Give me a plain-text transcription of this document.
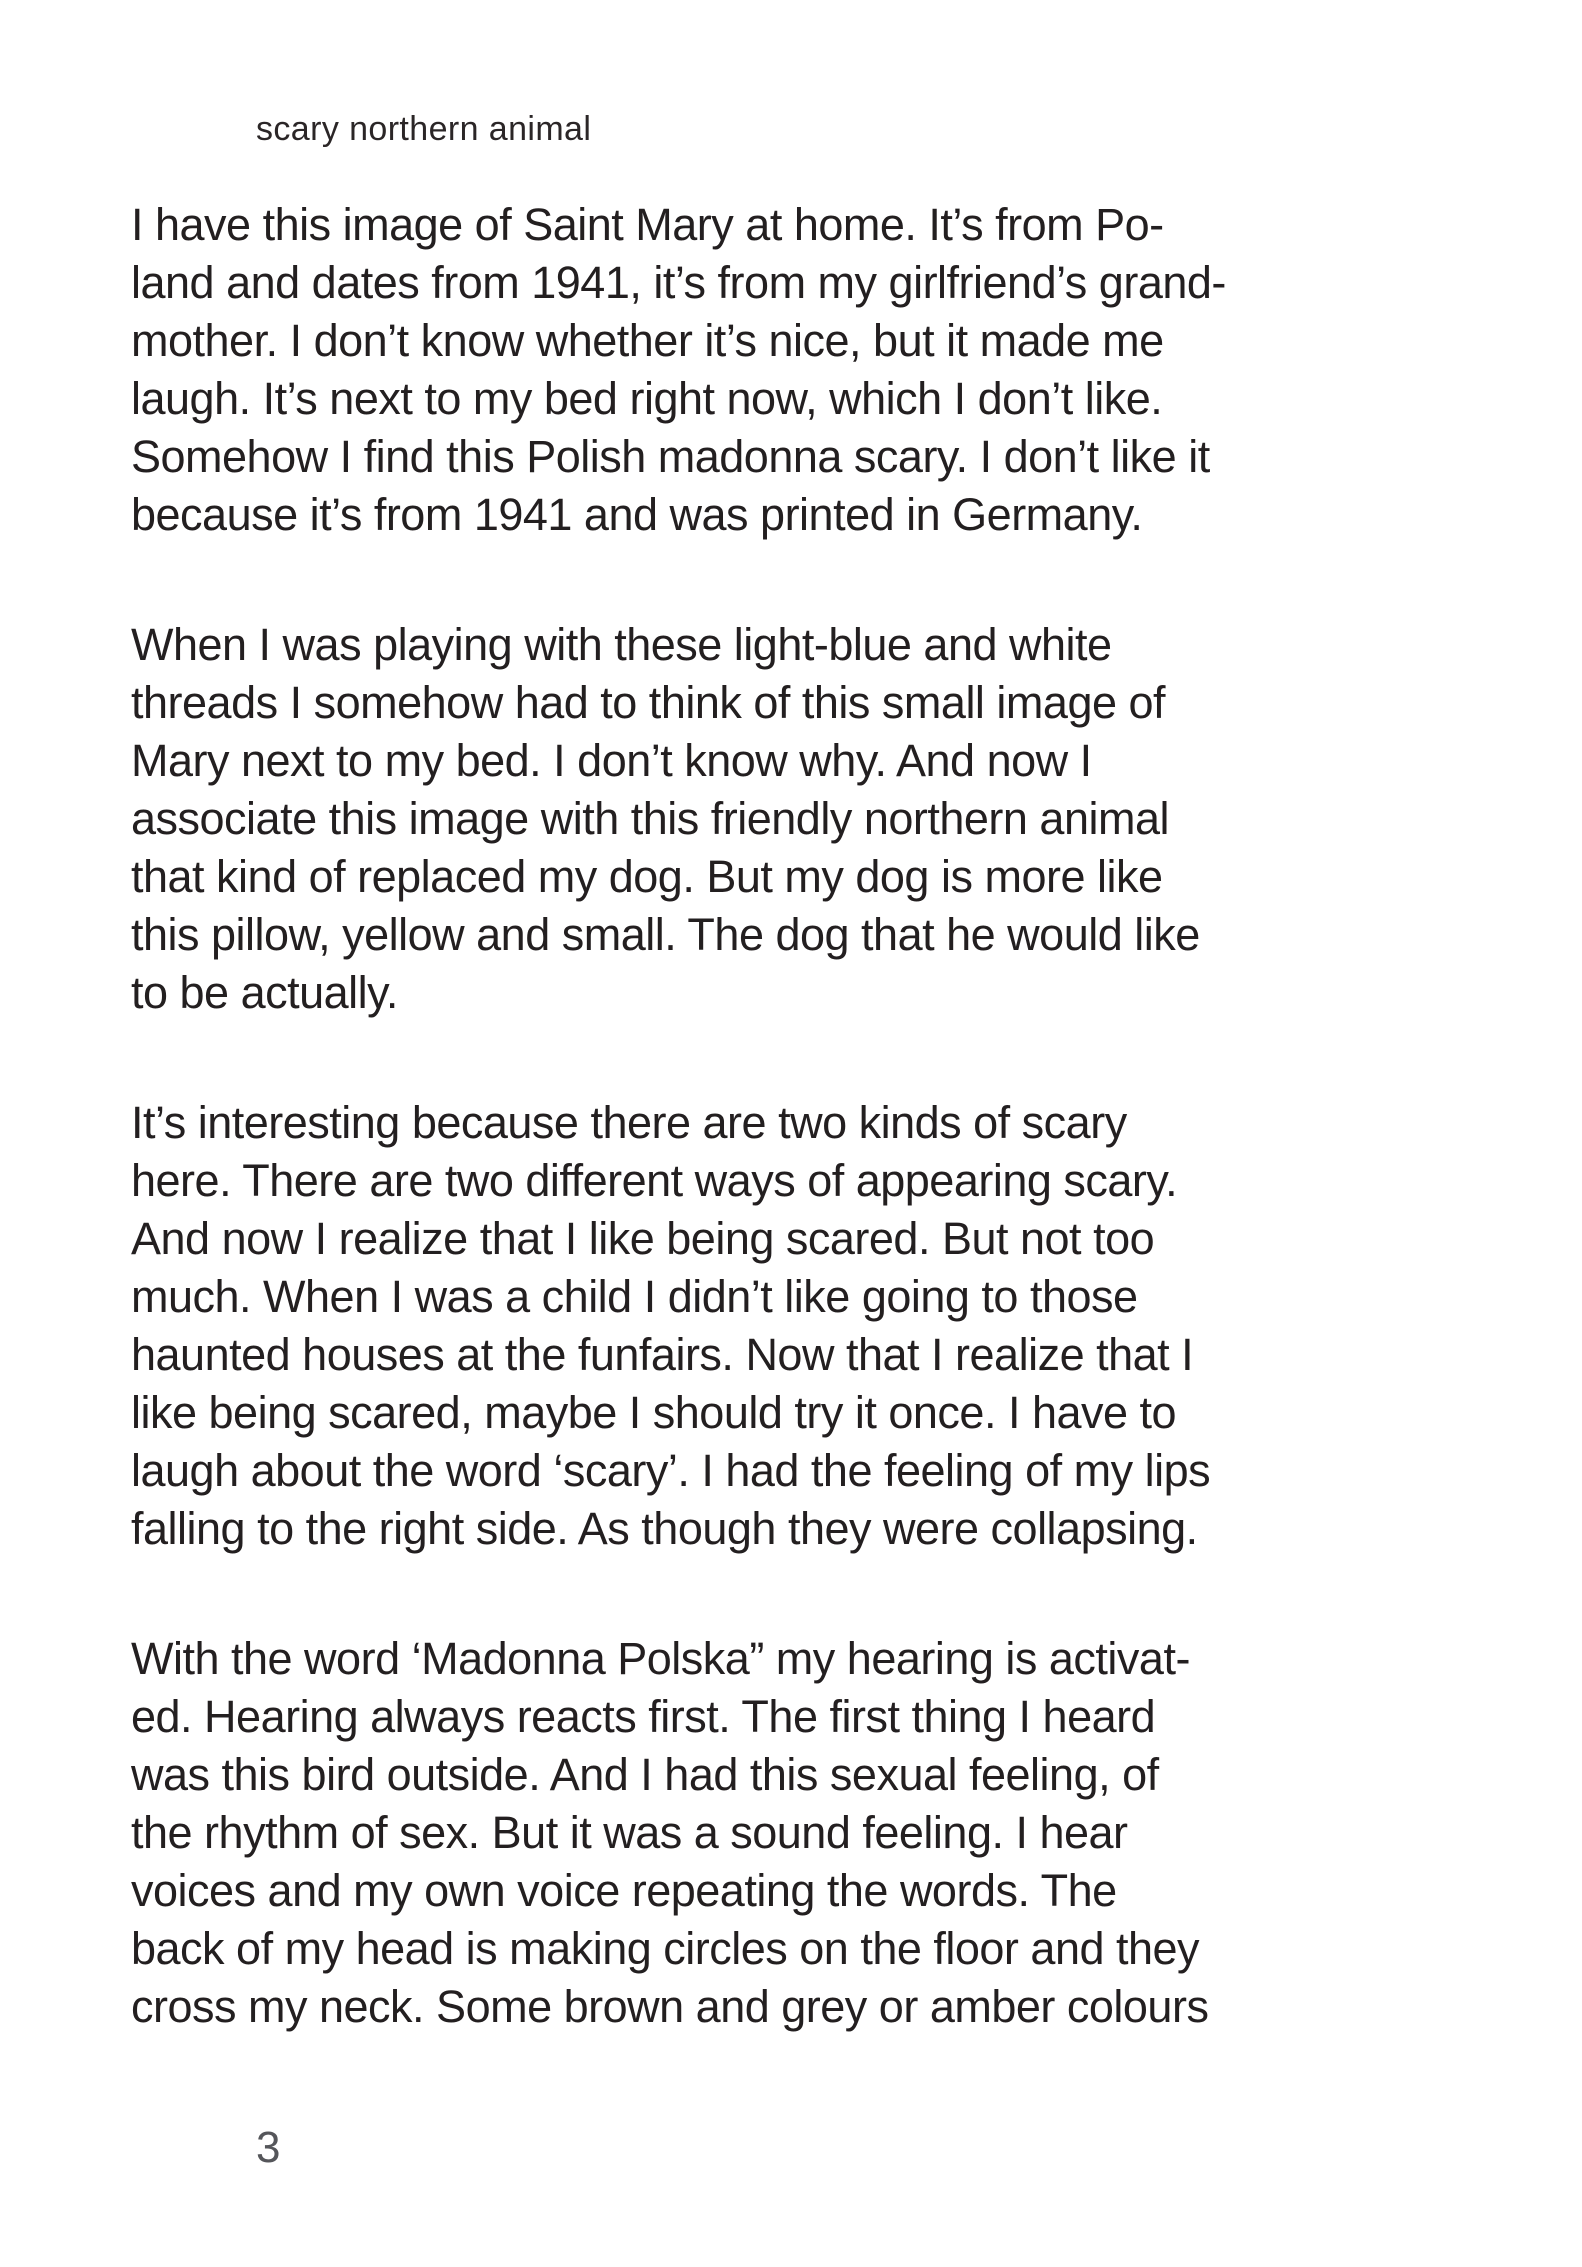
scary northern animal

I have this image of Saint Mary at home. It’s from Po-
land and dates from 1941, it’s from my girlfriend’s grand-
mother. I don’t know whether it’s nice, but it made me
laugh. It’s next to my bed right now, which I don’t like.
Somehow I find this Polish madonna scary. I don’t like it
because it’s from 1941 and was printed in Germany.

When I was playing with these light-blue and white
threads I somehow had to think of this small image of
Mary next to my bed. I don’t know why. And now I
associate this image with this friendly northern animal
that kind of replaced my dog. But my dog is more like
this pillow, yellow and small. The dog that he would like
to be actually.

It’s interesting because there are two kinds of scary
here. There are two different ways of appearing scary.
And now I realize that I like being scared. But not too
much. When I was a child I didn’t like going to those
haunted houses at the funfairs. Now that I realize that I
like being scared, maybe I should try it once. I have to
laugh about the word ‘scary’. I had the feeling of my lips
falling to the right side. As though they were collapsing.

With the word ‘Madonna Polska” my hearing is activat-
ed. Hearing always reacts first. The first thing I heard
was this bird outside. And I had this sexual feeling, of
the rhythm of sex. But it was a sound feeling. I hear
voices and my own voice repeating the words. The
back of my head is making circles on the floor and they
cross my neck. Some brown and grey or amber colours

3
